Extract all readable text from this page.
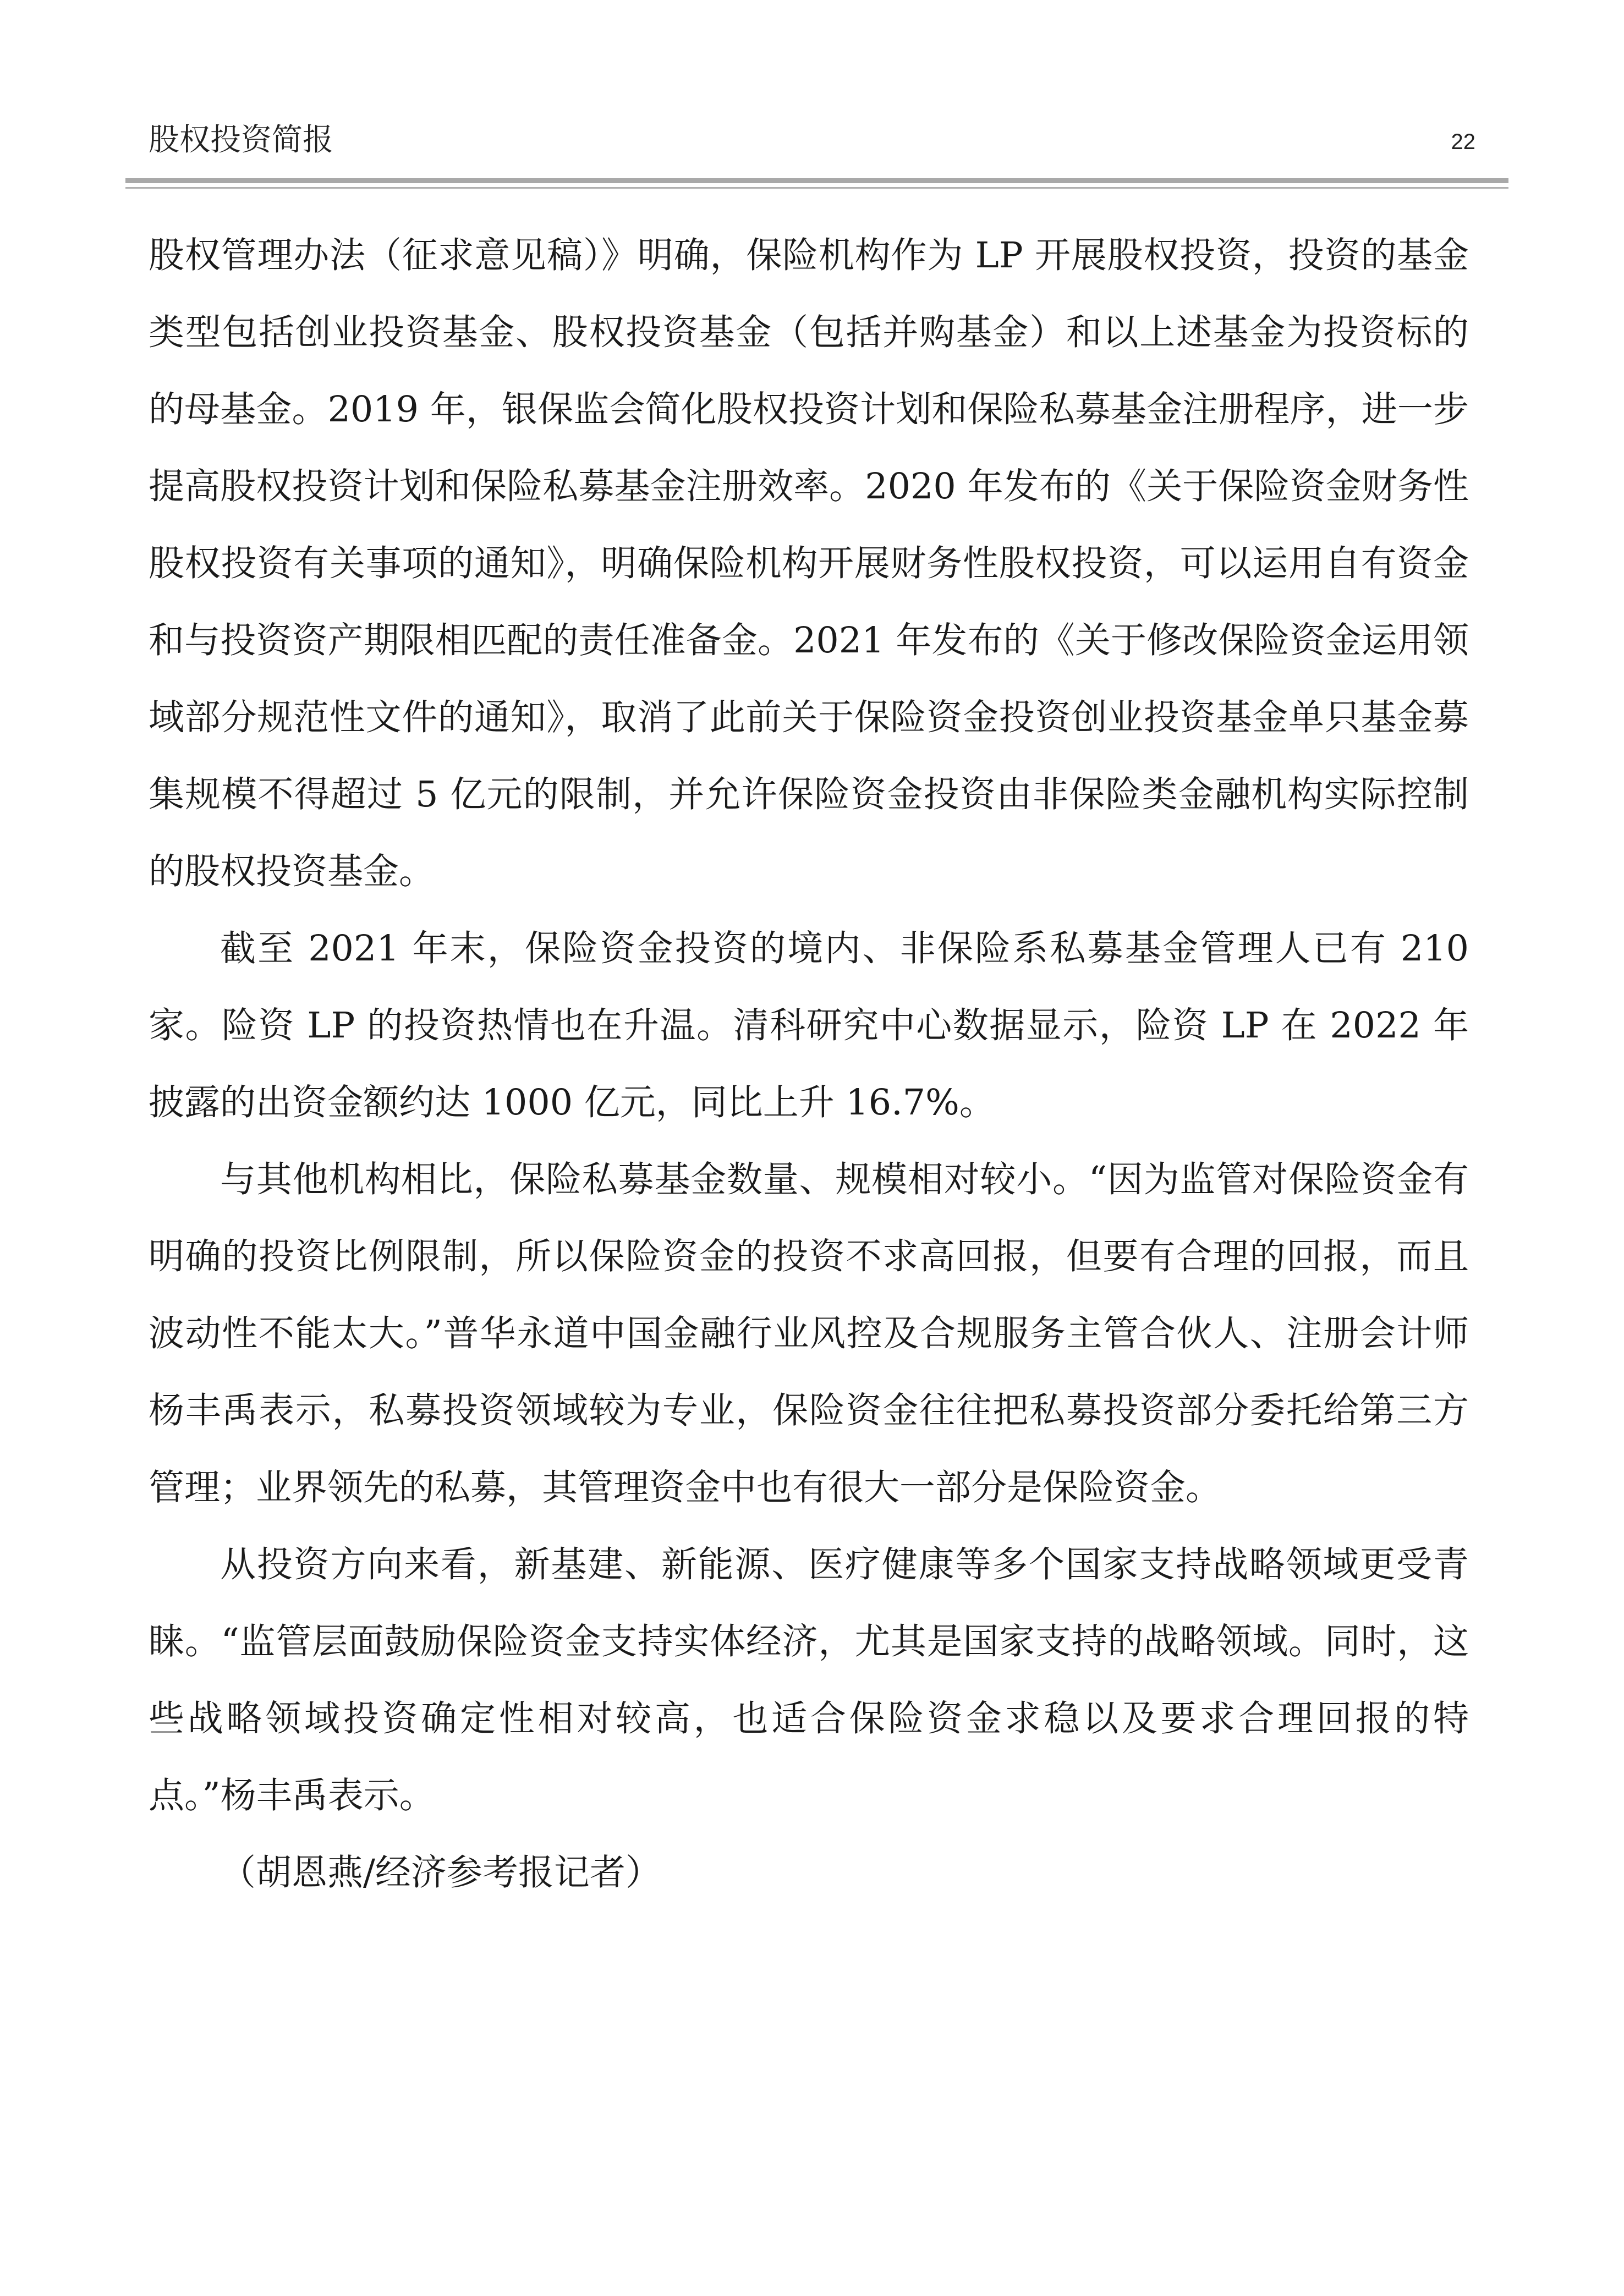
股权投资简报	22

股权管理办法（征求意见稿）》明确，保险机构作为 LP 开展股权投资，投资的基金类型包括创业投资基金、股权投资基金（包括并购基金）和以上述基金为投资标的的母基金。2019 年，银保监会简化股权投资计划和保险私募基金注册程序，进一步提高股权投资计划和保险私募基金注册效率。2020 年发布的《关于保险资金财务性股权投资有关事项的通知》，明确保险机构开展财务性股权投资，可以运用自有资金和与投资资产期限相匹配的责任准备金。2021 年发布的《关于修改保险资金运用领域部分规范性文件的通知》，取消了此前关于保险资金投资创业投资基金单只基金募集规模不得超过 5 亿元的限制，并允许保险资金投资由非保险类金融机构实际控制的股权投资基金。

截至 2021 年末，保险资金投资的境内、非保险系私募基金管理人已有 210 家。险资 LP 的投资热情也在升温。清科研究中心数据显示，险资 LP 在 2022 年披露的出资金额约达 1000 亿元，同比上升 16.7%。

与其他机构相比，保险私募基金数量、规模相对较小。“因为监管对保险资金有明确的投资比例限制，所以保险资金的投资不求高回报，但要有合理的回报，而且波动性不能太大。”普华永道中国金融行业风控及合规服务主管合伙人、注册会计师杨丰禹表示，私募投资领域较为专业，保险资金往往把私募投资部分委托给第三方管理；业界领先的私募，其管理资金中也有很大一部分是保险资金。

从投资方向来看，新基建、新能源、医疗健康等多个国家支持战略领域更受青睐。“监管层面鼓励保险资金支持实体经济，尤其是国家支持的战略领域。同时，这些战略领域投资确定性相对较高，也适合保险资金求稳以及要求合理回报的特点。”杨丰禹表示。

（胡恩燕/经济参考报记者）
